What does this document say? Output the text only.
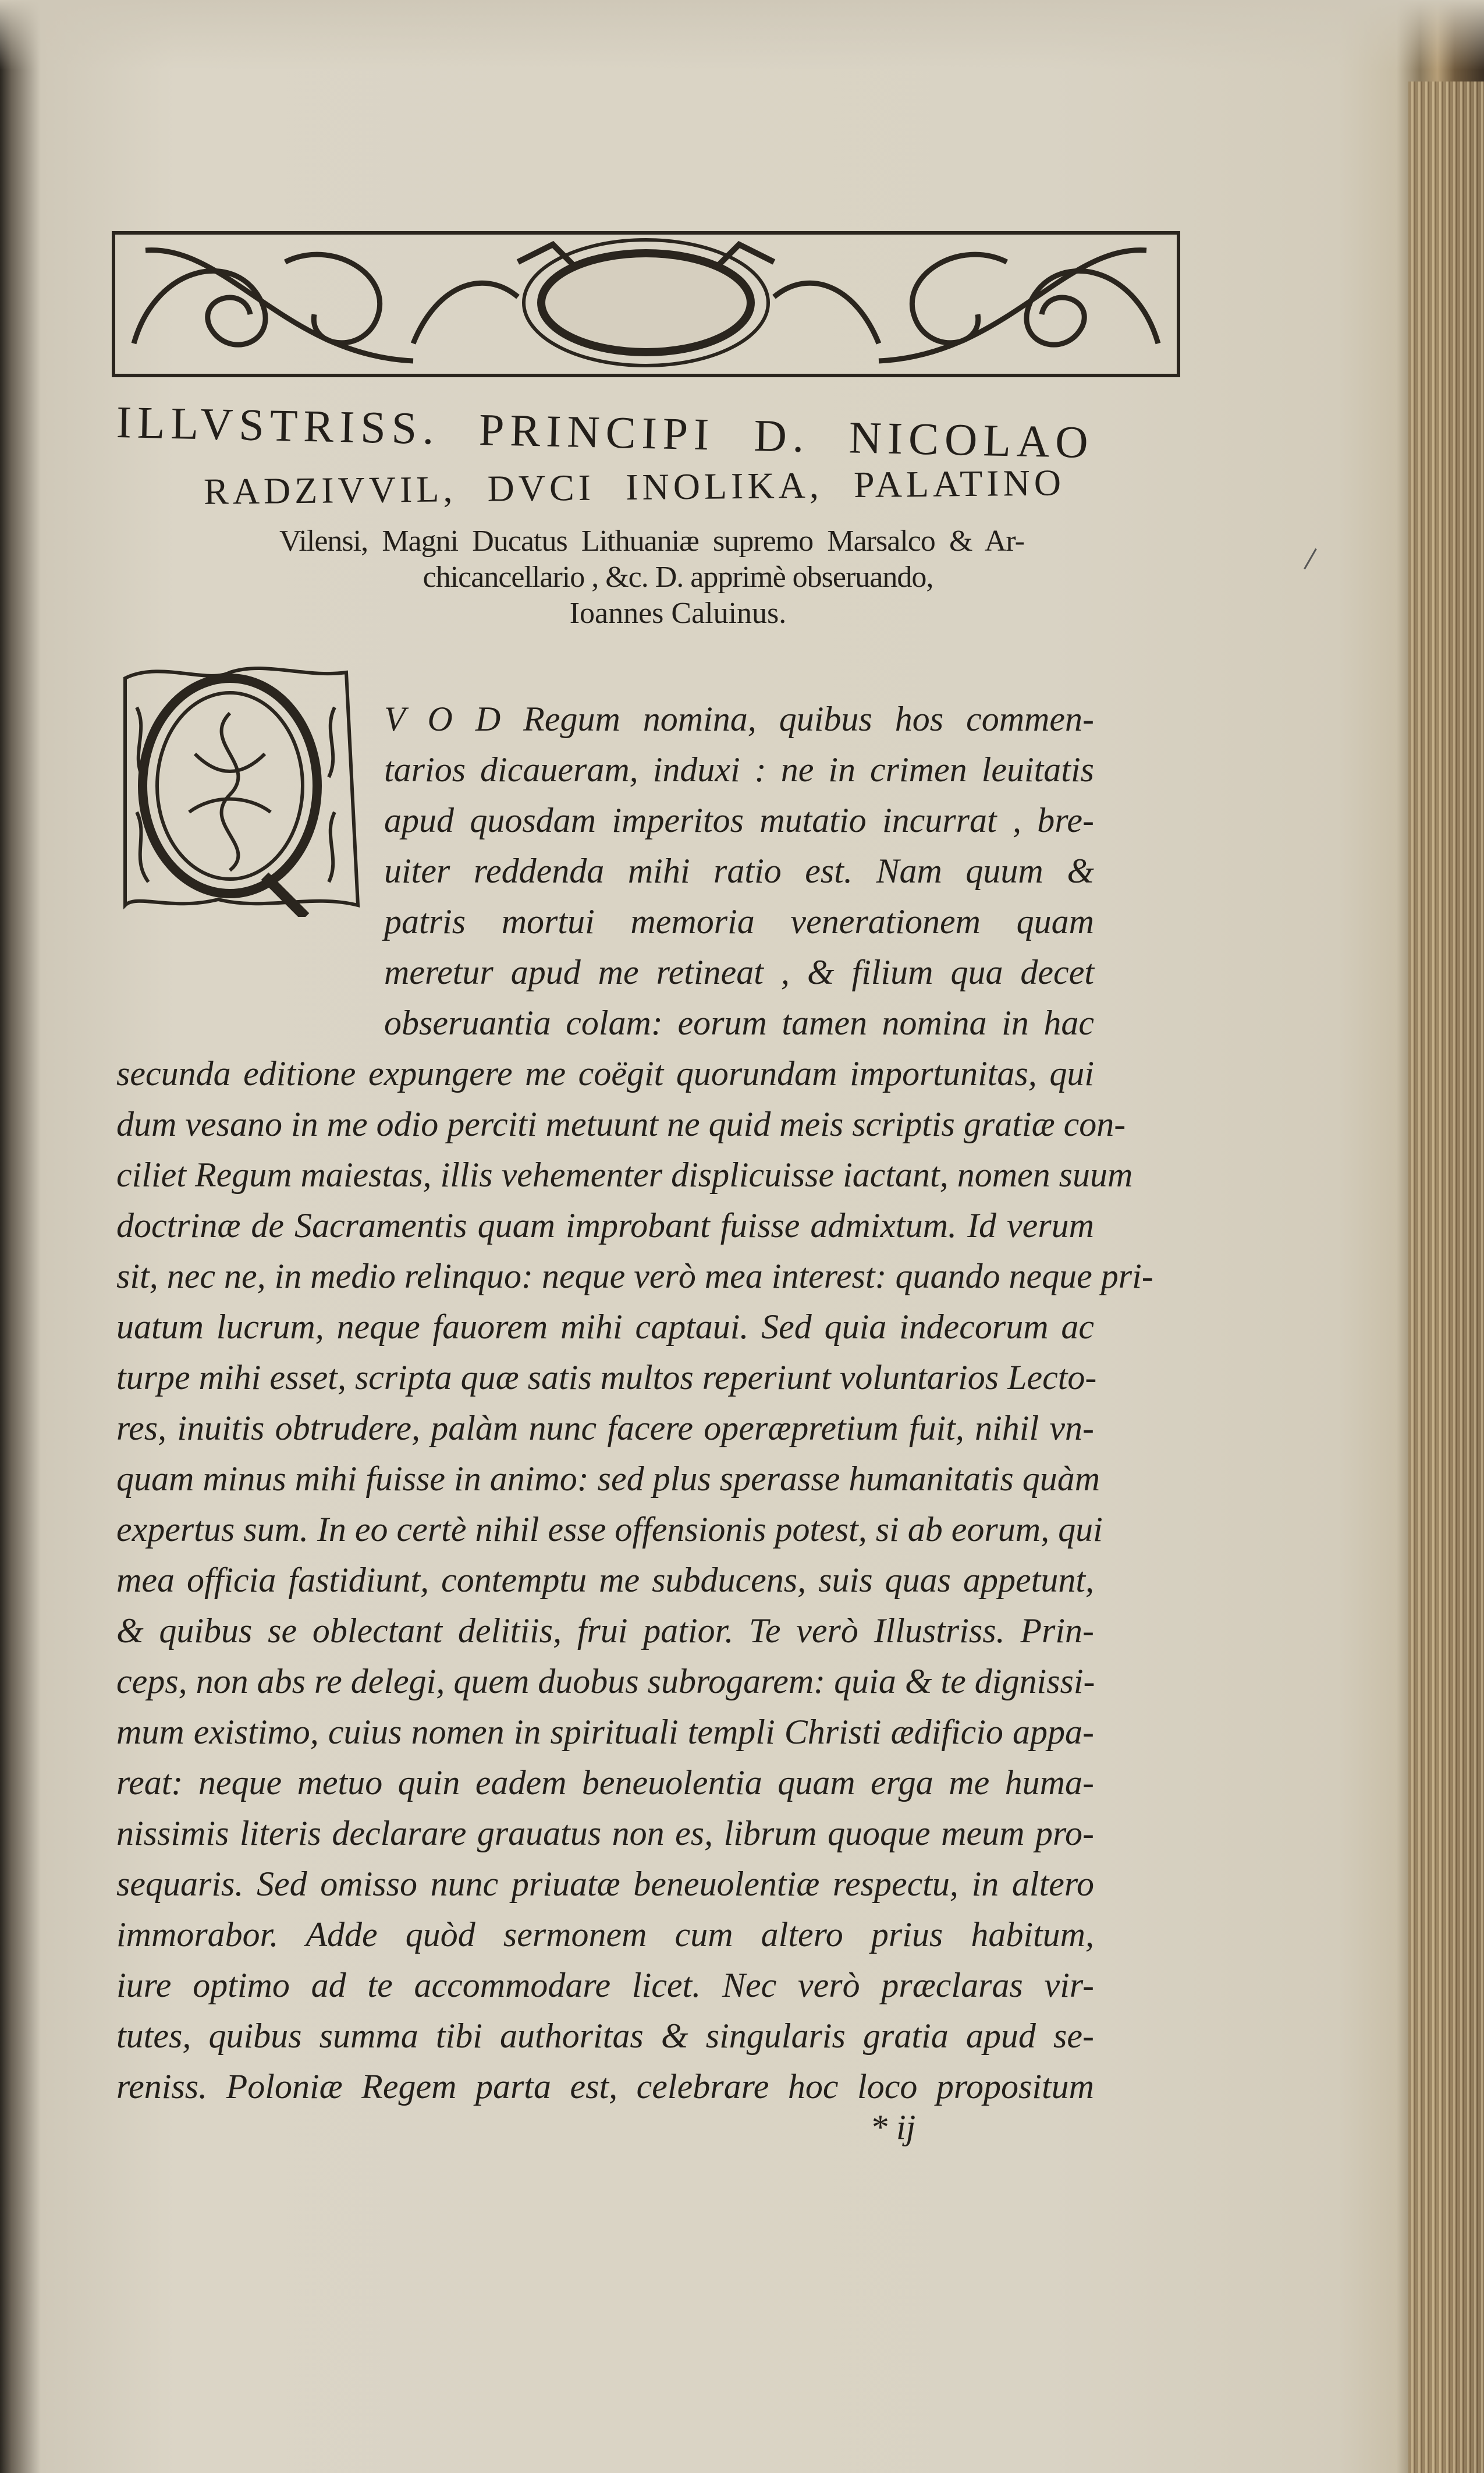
ILLVSTRISS. PRINCIPI D. NICOLAO
RADZIVVIL, DVCI INOLIKA, PALATINO
Vilensi, Magni Ducatus Lithuaniæ supremo Marsalco & Ar-
chicancellario , &c. D. apprimè obseruando,
Ioannes Caluinus.
Q
V O D Regum nomina, quibus hos commen-
tarios dicaueram, induxi : ne in crimen leuitatis
apud quosdam imperitos mutatio incurrat , bre-
uiter reddenda mihi ratio est. Nam quum &
patris mortui memoria venerationem quam
meretur apud me retineat , & filium qua decet
obseruantia colam: eorum tamen nomina in hac
secunda editione expungere me coëgit quorundam importunitas, qui
dum vesano in me odio perciti metuunt ne quid meis scriptis gratiæ con-
ciliet Regum maiestas, illis vehementer displicuisse iactant, nomen suum
doctrinæ de Sacramentis quam improbant fuisse admixtum. Id verum
sit, nec ne, in medio relinquo: neque verò mea interest: quando neque pri-
uatum lucrum, neque fauorem mihi captaui. Sed quia indecorum ac
turpe mihi esset, scripta quæ satis multos reperiunt voluntarios Lecto-
res, inuitis obtrudere, palàm nunc facere operæpretium fuit, nihil vn-
quam minus mihi fuisse in animo: sed plus sperasse humanitatis quàm
expertus sum. In eo certè nihil esse offensionis potest, si ab eorum, qui
mea officia fastidiunt, contemptu me subducens, suis quas appetunt,
& quibus se oblectant delitiis, frui patior. Te verò Illustriss. Prin-
ceps, non abs re delegi, quem duobus subrogarem: quia & te dignissi-
mum existimo, cuius nomen in spirituali templi Christi ædificio appa-
reat: neque metuo quin eadem beneuolentia quam erga me huma-
nissimis literis declarare grauatus non es, librum quoque meum pro-
sequaris. Sed omisso nunc priuatæ beneuolentiæ respectu, in altero
immorabor. Adde quòd sermonem cum altero prius habitum,
iure optimo ad te accommodare licet. Nec verò præclaras vir-
tutes, quibus summa tibi authoritas & singularis gratia apud se-
reniss. Poloniæ Regem parta est, celebrare hoc loco propositum
* ij
